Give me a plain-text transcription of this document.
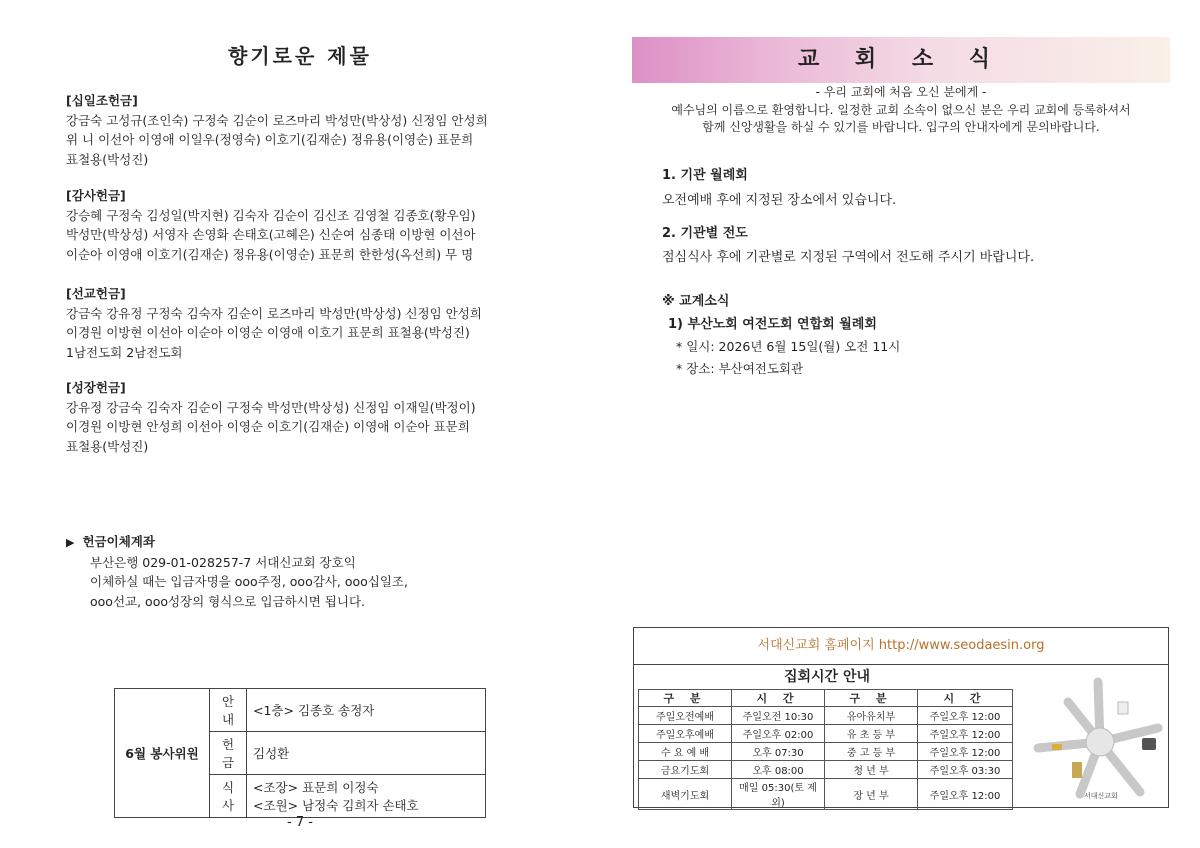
향기로운 제물
[십일조헌금]
강금숙 고성규(조인숙) 구정숙 김순이 로즈마리 박성만(박상성) 신정임 안성희
위 니 이선아 이영애 이일우(정영숙) 이호기(김재순) 정유용(이영순) 표문희
표철용(박성진)
[감사헌금]
강승혜 구정숙 김성일(박지현) 김숙자 김순이 김신조 김영철 김종호(황우임)
박성만(박상성) 서영자 손영화 손태호(고혜은) 신순여 심종태 이방현 이선아
이순아 이영애 이호기(김재순) 정유용(이영순) 표문희 한한성(옥선희) 무 명
[선교헌금]
강금숙 강유정 구정숙 김숙자 김순이 로즈마리 박성만(박상성) 신정임 안성희
이경원 이방현 이선아 이순아 이영순 이영애 이호기 표문희 표철용(박성진)
1남전도회 2남전도회
[성장헌금]
강유정 강금숙 김숙자 김순이 구정숙 박성만(박상성) 신정임 이재일(박정이)
이경원 이방현 안성희 이선아 이영순 이호기(김재순) 이영애 이순아 표문희
표철용(박성진)
▶ 헌금이체계좌
부산은행 029-01-028257-7 서대신교회 장호익
이체하실 때는 입금자명을 ooo주정, ooo감사, ooo십일조,
ooo선교, ooo성장의 형식으로 입금하시면 됩니다.
6월 봉사위원	안내	<1층> 김종호 송정자
	헌금	김성환
	식사	<조장> 표문희 이정숙
<조원> 남정숙 김희자 손태호
- 7 -
교 회 소 식
- 우리 교회에 처음 오신 분에게 -
예수님의 이름으로 환영합니다. 일정한 교회 소속이 없으신 분은 우리 교회에 등록하셔서
함께 신앙생활을 하실 수 있기를 바랍니다. 입구의 안내자에게 문의바랍니다.
1. 기관 월례회
오전예배 후에 지정된 장소에서 있습니다.
2. 기관별 전도
점심식사 후에 기관별로 지정된 구역에서 전도해 주시기 바랍니다.
※ 교계소식
1) 부산노회 여전도회 연합회 월례회
* 일시: 2026년 6월 15일(월) 오전 11시
* 장소: 부산여전도회관
서대신교회 홈페이지 http://www.seodaesin.org
집회시간 안내
구 분	시 간	구 분	시 간
주일오전예배	주일오전 10:30	유아유치부	주일오후 12:00
주일오후예배	주일오후 02:00	유 초 등 부	주일오후 12:00
수 요 예 배	오후 07:30	중 고 등 부	주일오후 12:00
금요기도회	오후 08:00	청 년 부	주일오후 03:30
새벽기도회	매일 05:30(토 제외)	장 년 부	주일오후 12:00	서대신교회
